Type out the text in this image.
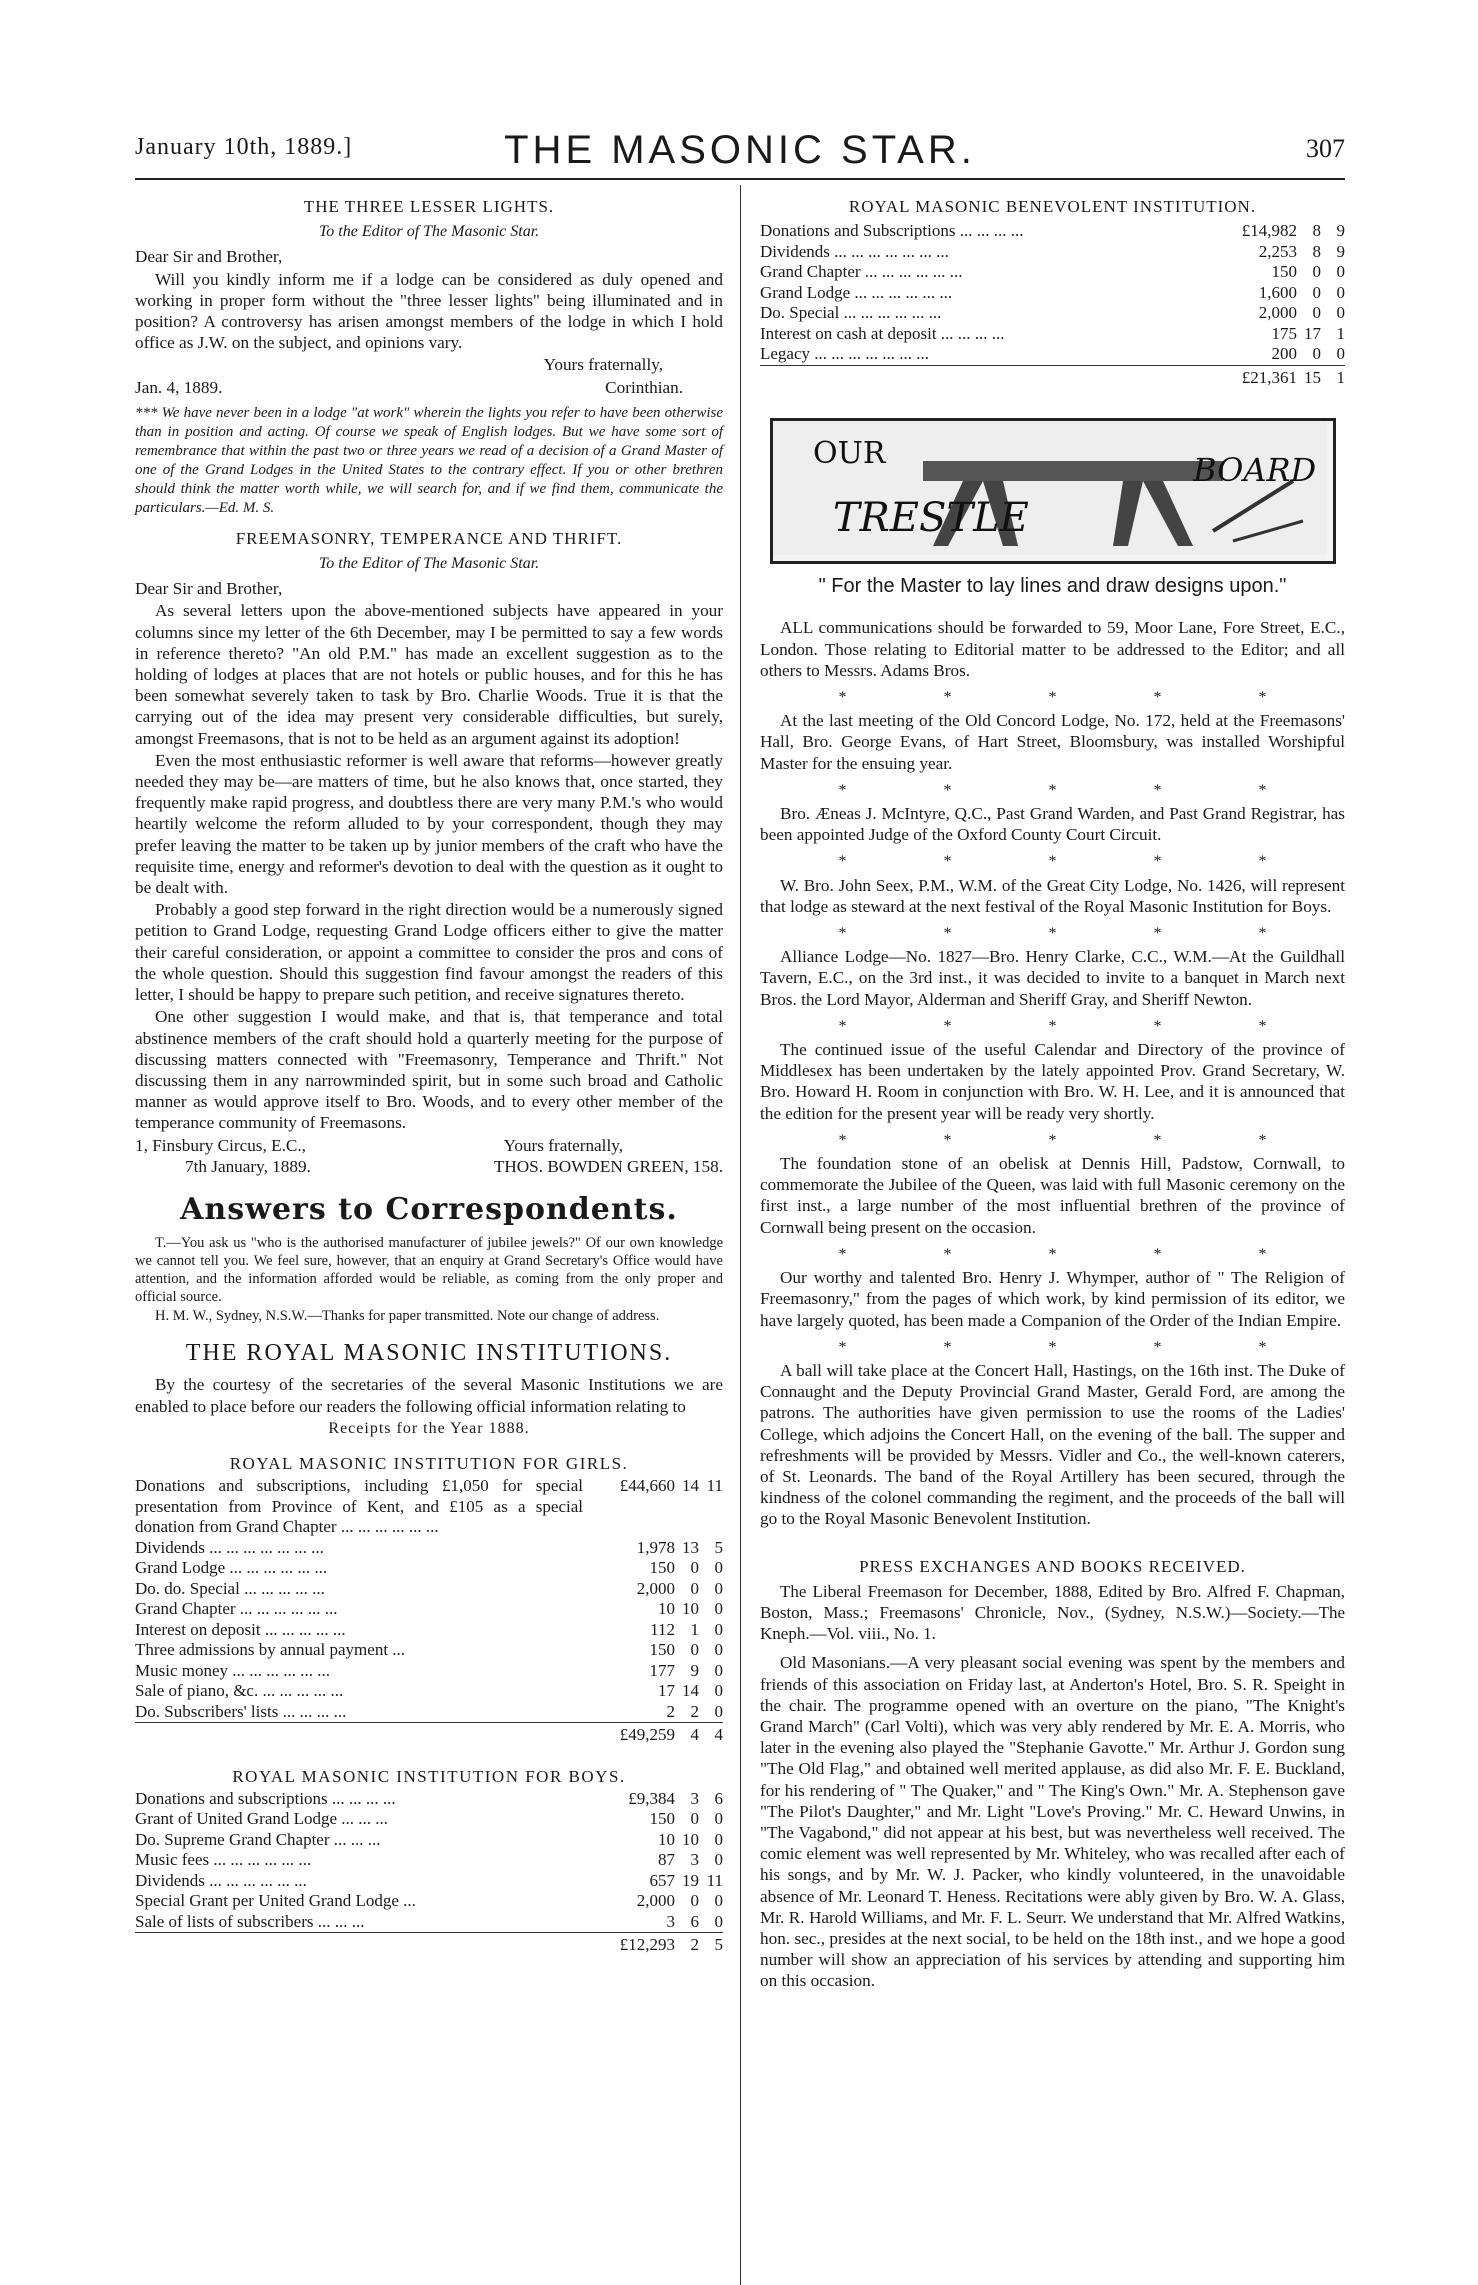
January 10th, 1889.]	THE MASONIC STAR.	307
THE THREE LESSER LIGHTS.
To the Editor of The Masonic Star.

Dear Sir and Brother,

Will you kindly inform me if a lodge can be considered as duly opened and working in proper form without the "three lesser lights" being illuminated and in position? A controversy has arisen amongst members of the lodge in which I hold office as J.W. on the subject, and opinions vary.

Yours fraternally,

Jan. 4, 1889.	Corinthian.
*** We have never been in a lodge "at work" wherein the lights you refer to have been otherwise than in position and acting. Of course we speak of English lodges. But we have some sort of remembrance that within the past two or three years we read of a decision of a Grand Master of one of the Grand Lodges in the United States to the contrary effect. If you or other brethren should think the matter worth while, we will search for, and if we find them, communicate the particulars.—Ed. M. S.
FREEMASONRY, TEMPERANCE AND THRIFT.
To the Editor of The Masonic Star.

Dear Sir and Brother,

As several letters upon the above-mentioned subjects have appeared in your columns since my letter of the 6th December, may I be permitted to say a few words in reference thereto? "An old P.M." has made an excellent suggestion as to the holding of lodges at places that are not hotels or public houses, and for this he has been somewhat severely taken to task by Bro. Charlie Woods. True it is that the carrying out of the idea may present very considerable difficulties, but surely, amongst Freemasons, that is not to be held as an argument against its adoption!

Even the most enthusiastic reformer is well aware that reforms—however greatly needed they may be—are matters of time, but he also knows that, once started, they frequently make rapid progress, and doubtless there are very many P.M.'s who would heartily welcome the reform alluded to by your correspondent, though they may prefer leaving the matter to be taken up by junior members of the craft who have the requisite time, energy and reformer's devotion to deal with the question as it ought to be dealt with.

Probably a good step forward in the right direction would be a numerously signed petition to Grand Lodge, requesting Grand Lodge officers either to give the matter their careful consideration, or appoint a committee to consider the pros and cons of the whole question. Should this suggestion find favour amongst the readers of this letter, I should be happy to prepare such petition, and receive signatures thereto.

One other suggestion I would make, and that is, that temperance and total abstinence members of the craft should hold a quarterly meeting for the purpose of discussing matters connected with "Freemasonry, Temperance and Thrift." Not discussing them in any narrowminded spirit, but in some such broad and Catholic manner as would approve itself to Bro. Woods, and to every other member of the temperance community of Freemasons.

1, Finsbury Circus, E.C.,	Yours fraternally,
7th January, 1889.	THOS. BOWDEN GREEN, 158.
Answers to Correspondents.

T.—You ask us "who is the authorised manufacturer of jubilee jewels?" Of our own knowledge we cannot tell you. We feel sure, however, that an enquiry at Grand Secretary's Office would have attention, and the information afforded would be reliable, as coming from the only proper and official source.

H. M. W., Sydney, N.S.W.—Thanks for paper transmitted. Note our change of address.

THE ROYAL MASONIC INSTITUTIONS.

By the courtesy of the secretaries of the several Masonic Institutions we are enabled to place before our readers the following official information relating to

Receipts for the Year 1888.
ROYAL MASONIC INSTITUTION FOR GIRLS.
Donations and subscriptions, including £1,050 for special presentation from Province of Kent, and £105 as a special donation from Grand Chapter ... ... ... ... ... ...	£44,660	14	11
Dividends ... ... ... ... ... ... ...	1,978	13	5
Grand Lodge ... ... ... ... ... ...	150	0	0
Do. do. Special ... ... ... ... ...	2,000	0	0
Grand Chapter ... ... ... ... ... ...	10	10	0
Interest on deposit ... ... ... ... ...	112	1	0
Three admissions by annual payment ...	150	0	0
Music money ... ... ... ... ... ...	177	9	0
Sale of piano, &c. ... ... ... ... ...	17	14	0
Do. Subscribers' lists ... ... ... ...	2	2	0
	£49,259	4	4
ROYAL MASONIC INSTITUTION FOR BOYS.
Donations and subscriptions ... ... ... ...	£9,384	3	6
Grant of United Grand Lodge ... ... ...	150	0	0
Do. Supreme Grand Chapter ... ... ...	10	10	0
Music fees ... ... ... ... ... ...	87	3	0
Dividends ... ... ... ... ... ...	657	19	11
Special Grant per United Grand Lodge ...	2,000	0	0
Sale of lists of subscribers ... ... ...	3	6	0
	£12,293	2	5
ROYAL MASONIC BENEVOLENT INSTITUTION.
Donations and Subscriptions ... ... ... ...	£14,982	8	9
Dividends ... ... ... ... ... ... ...	2,253	8	9
Grand Chapter ... ... ... ... ... ...	150	0	0
Grand Lodge ... ... ... ... ... ...	1,600	0	0
Do. Special ... ... ... ... ... ...	2,000	0	0
Interest on cash at deposit ... ... ... ...	175	17	1
Legacy ... ... ... ... ... ... ...	200	0	0
	£21,361	15	1
OUR
TRESTLE
BOARD
" For the Master to lay lines and draw designs upon."

ALL communications should be forwarded to 59, Moor Lane, Fore Street, E.C., London. Those relating to Editorial matter to be addressed to the Editor; and all others to Messrs. Adams Bros.

*	*	*	*	*

At the last meeting of the Old Concord Lodge, No. 172, held at the Freemasons' Hall, Bro. George Evans, of Hart Street, Bloomsbury, was installed Worshipful Master for the ensuing year.

*	*	*	*	*

Bro. Æneas J. McIntyre, Q.C., Past Grand Warden, and Past Grand Registrar, has been appointed Judge of the Oxford County Court Circuit.

*	*	*	*	*

W. Bro. John Seex, P.M., W.M. of the Great City Lodge, No. 1426, will represent that lodge as steward at the next festival of the Royal Masonic Institution for Boys.

*	*	*	*	*

Alliance Lodge—No. 1827—Bro. Henry Clarke, C.C., W.M.—At the Guildhall Tavern, E.C., on the 3rd inst., it was decided to invite to a banquet in March next Bros. the Lord Mayor, Alderman and Sheriff Gray, and Sheriff Newton.

*	*	*	*	*

The continued issue of the useful Calendar and Directory of the province of Middlesex has been undertaken by the lately appointed Prov. Grand Secretary, W. Bro. Howard H. Room in conjunction with Bro. W. H. Lee, and it is announced that the edition for the present year will be ready very shortly.

*	*	*	*	*

The foundation stone of an obelisk at Dennis Hill, Padstow, Cornwall, to commemorate the Jubilee of the Queen, was laid with full Masonic ceremony on the first inst., a large number of the most influential brethren of the province of Cornwall being present on the occasion.

*	*	*	*	*

Our worthy and talented Bro. Henry J. Whymper, author of " The Religion of Freemasonry," from the pages of which work, by kind permission of its editor, we have largely quoted, has been made a Companion of the Order of the Indian Empire.

*	*	*	*	*

A ball will take place at the Concert Hall, Hastings, on the 16th inst. The Duke of Connaught and the Deputy Provincial Grand Master, Gerald Ford, are among the patrons. The authorities have given permission to use the rooms of the Ladies' College, which adjoins the Concert Hall, on the evening of the ball. The supper and refreshments will be provided by Messrs. Vidler and Co., the well-known caterers, of St. Leonards. The band of the Royal Artillery has been secured, through the kindness of the colonel commanding the regiment, and the proceeds of the ball will go to the Royal Masonic Benevolent Institution.

PRESS EXCHANGES AND BOOKS RECEIVED.

The Liberal Freemason for December, 1888, Edited by Bro. Alfred F. Chapman, Boston, Mass.; Freemasons' Chronicle, Nov., (Sydney, N.S.W.)—Society.—The Kneph.—Vol. viii., No. 1.

Old Masonians.—A very pleasant social evening was spent by the members and friends of this association on Friday last, at Anderton's Hotel, Bro. S. R. Speight in the chair. The programme opened with an overture on the piano, "The Knight's Grand March" (Carl Volti), which was very ably rendered by Mr. E. A. Morris, who later in the evening also played the "Stephanie Gavotte." Mr. Arthur J. Gordon sung "The Old Flag," and obtained well merited applause, as did also Mr. F. E. Buckland, for his rendering of " The Quaker," and " The King's Own." Mr. A. Stephenson gave "The Pilot's Daughter," and Mr. Light "Love's Proving." Mr. C. Heward Unwins, in "The Vagabond," did not appear at his best, but was nevertheless well received. The comic element was well represented by Mr. Whiteley, who was recalled after each of his songs, and by Mr. W. J. Packer, who kindly volunteered, in the unavoidable absence of Mr. Leonard T. Heness. Recitations were ably given by Bro. W. A. Glass, Mr. R. Harold Williams, and Mr. F. L. Seurr. We understand that Mr. Alfred Watkins, hon. sec., presides at the next social, to be held on the 18th inst., and we hope a good number will show an appreciation of his services by attending and supporting him on this occasion.
